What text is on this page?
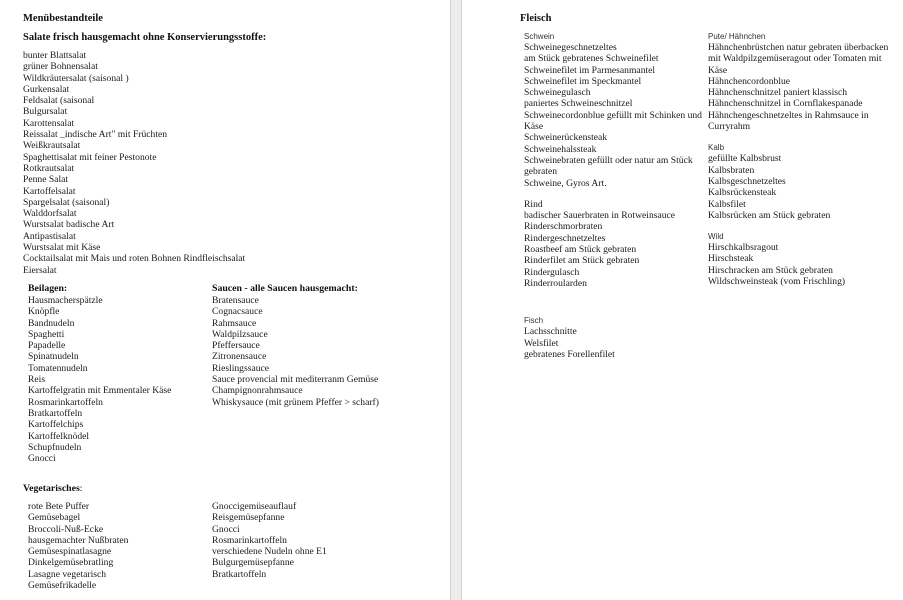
Menübestandteile
Salate frisch hausgemacht ohne Konservierungsstoffe:
bunter Blattsalat
grüner Bohnensalat
Wildkräutersalat (saisonal )
Gurkensalat
Feldsalat (saisonal
Bulgursalat
Karottensalat
Reissalat _indische Art" mit Früchten
Weißkrautsalat
Spaghettisalat mit feiner Pestonote
Rotkrautsalat
Penne Salat
Kartoffelsalat
Spargelsalat (saisonal)
Walddorfsalat
Wurstsalat badische Art
Antipastisalat
Wurstsalat mit Käse
Cocktailsalat mit Mais und roten Bohnen Rindfleischsalat
Eiersalat
Beilagen:
Hausmacherspätzle
Knöpfle
Bandnudeln
Spaghetti
Papadelle
Spinatnudeln
Tomatennudeln
Reis
Kartoffelgratin mit Emmentaler Käse
Rosmarinkartoffeln
Bratkartoffeln
Kartoffelchips
Kartoffelknödel
Schupfnudeln
Gnocci
Saucen - alle Saucen hausgemacht:
Bratensauce
Cognacsauce
Rahmsauce
Waldpilzsauce
Pfeffersauce
Zitronensauce
Rieslingssauce
Sauce provencial mit mediterranm Gemüse
Champignonrahmsauce
Whiskysauce (mit grünem Pfeffer > scharf)
Vegetarisches:
rote Bete Puffer
Gemüsebagel
Broccoli-Nuß-Ecke
hausgemachter Nußbraten
Gemüsespinatlasagne
Dinkelgemüsebratling
Lasagne vegetarisch
Gemüsefrikadelle
Gnoccigemüseauflauf
Reisgemüsepfanne
Gnocci
Rosmarinkartoffeln
verschiedene Nudeln ohne E1
Bulgurgemüsepfanne
Bratkartoffeln
Fleisch

Schwein

Schweinegeschnetzeltes
am Stück gebratenes Schweinefilet
Schweinefilet im Parmesanmantel
Schweinefilet im Speckmantel
Schweinegulasch
paniertes Schweineschnitzel
Schweinecordonblue gefüllt mit Schinken und Käse
Schweinerückensteak
Schweinehalssteak
Schweinebraten gefüllt oder natur am Stück gebraten
Schweine, Gyros Art.

Rind

badischer Sauerbraten in Rotweinsauce
Rinderschmorbraten
Rindergeschnetzeltes
Roastbeef am Stück gebraten
Rinderfilet am Stück gebraten
Rindergulasch
Rinderroularden

Fisch

Lachsschnitte
Welsfilet
gebratenes Forellenfilet

Pute/ Hähnchen

Hähnchenbrüstchen natur gebraten überbacken mit Waldpilzgemüseragout oder Tomaten mit Käse
Hähnchencordonblue
Hähnchenschnitzel paniert klassisch
Hähnchenschnitzel in Cornflakespanade
Hähnchengeschnetzeltes in Rahmsauce in Curryrahm

Kalb

gefüllte Kalbsbrust
Kalbsbraten
Kalbsgeschnetzeltes
Kalbsrückensteak
Kalbsfilet
Kalbsrücken am Stück gebraten

Wild

Hirschkalbsragout
Hirschsteak
Hirschracken am Stück gebraten
Wildschweinsteak (vom Frischling)
